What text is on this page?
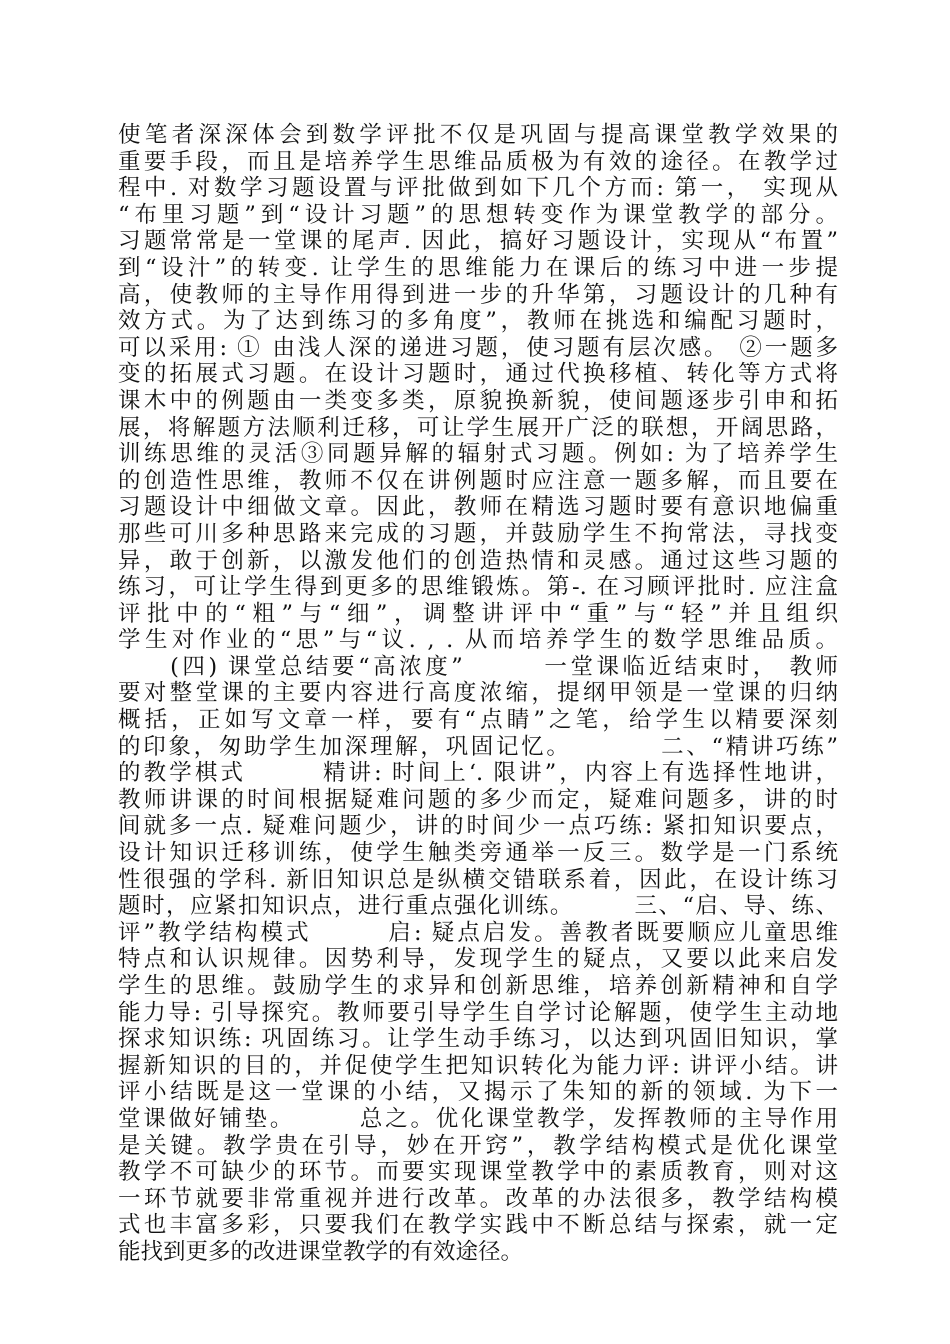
使笔者深深体会到数学评批不仅是巩固与提高课堂教学效果的
重要手段，而且是培养学生思维品质极为有效的途径。在教学过
程中. 对数学习题设置与评批做到如下几个方而: 第一， 实现从
“布里习题”到“设计习题”的思想转变作为课堂教学的部分。
习题常常是一堂课的尾声. 因此，搞好习题设计，实现从“布置”
到“设汁”的转变. 让学生的思维能力在课后的练习中进一步提
高，使教师的主导作用得到进一步的升华第，习题设计的几种有
效方式。为了达到练习的多角度”，教师在挑选和编配习题时，
可以采用: ① 由浅人深的递进习题，使习题有层次感。 ②一题多
变的拓展式习题。在设计习题时，通过代换移植、转化等方式将
课木中的例题由一类变多类，原貌换新貌，使间题逐步引申和拓
展，将解题方法顺利迁移，可让学生展开广泛的联想，开阔思路，
训练思维的灵活③同题异解的辐射式习题。例如: 为了培养学生
的创造性思维，教师不仅在讲例题时应注意一题多解，而且要在
习题设计中细做文章。因此，教师在精选习题时要有意识地偏重
那些可川多种思路来完成的习题，并鼓励学生不拘常法，寻找变
异，敢于创新，以激发他们的创造热情和灵感。通过这些习题的
练习，可让学生得到更多的思维锻炼。第-. 在习顾评批时. 应注盒
评批中的“粗”与“细”，调整讲评中“重”与“轻”并且组织
学生对作业的“思”与“议. , . 从而培养学生的数学思维品质。
　　(四) 课堂总结要“高浓度”　　　一堂课临近结束时， 教师
要对整堂课的主要内容进行高度浓缩，提纲甲领是一堂课的归纳
概括，正如写文章一样，要有“点睛”之笔，给学生以精要深刻
的印象，匆助学生加深理解，巩固记忆。　　　　二、“精讲巧练”
的教学棋式　　　精讲: 时间上‘. 限讲”，内容上有选择性地讲，
教师讲课的时间根据疑难问题的多少而定，疑难问题多，讲的时
间就多一点. 疑难问题少，讲的时间少一点巧练: 紧扣知识要点，
设计知识迁移训练，使学生触类旁通举一反三。数学是一门系统
性很强的学科. 新旧知识总是纵横交错联系着，因此，在设计练习
题时，应紧扣知识点，进行重点强化训练。　　　三、“启、导、练、
评”教学结构模式　　　启: 疑点启发。善教者既要顺应儿童思维
特点和认识规律。因势利导，发现学生的疑点，又要以此来启发
学生的思维。鼓励学生的求异和创新思维，培养创新精神和自学
能力导: 引导探究。教师要引导学生自学讨论解题，使学生主动地
探求知识练: 巩固练习。让学生动手练习，以达到巩固旧知识，掌
握新知识的目的，并促使学生把知识转化为能力评: 讲评小结。讲
评小结既是这一堂课的小结，又揭示了朱知的新的领域. 为下一
堂课做好铺垫。　　　总之。优化课堂教学，发挥教师的主导作用
是关键。教学贵在引导，妙在开窍”，教学结构模式是优化课堂
教学不可缺少的环节。而要实现课堂教学中的素质教育，则对这
一环节就要非常重视并进行改革。改革的办法很多，教学结构模
式也丰富多彩，只要我们在教学实践中不断总结与探索，就一定
能找到更多的改进课堂教学的有效途径。
